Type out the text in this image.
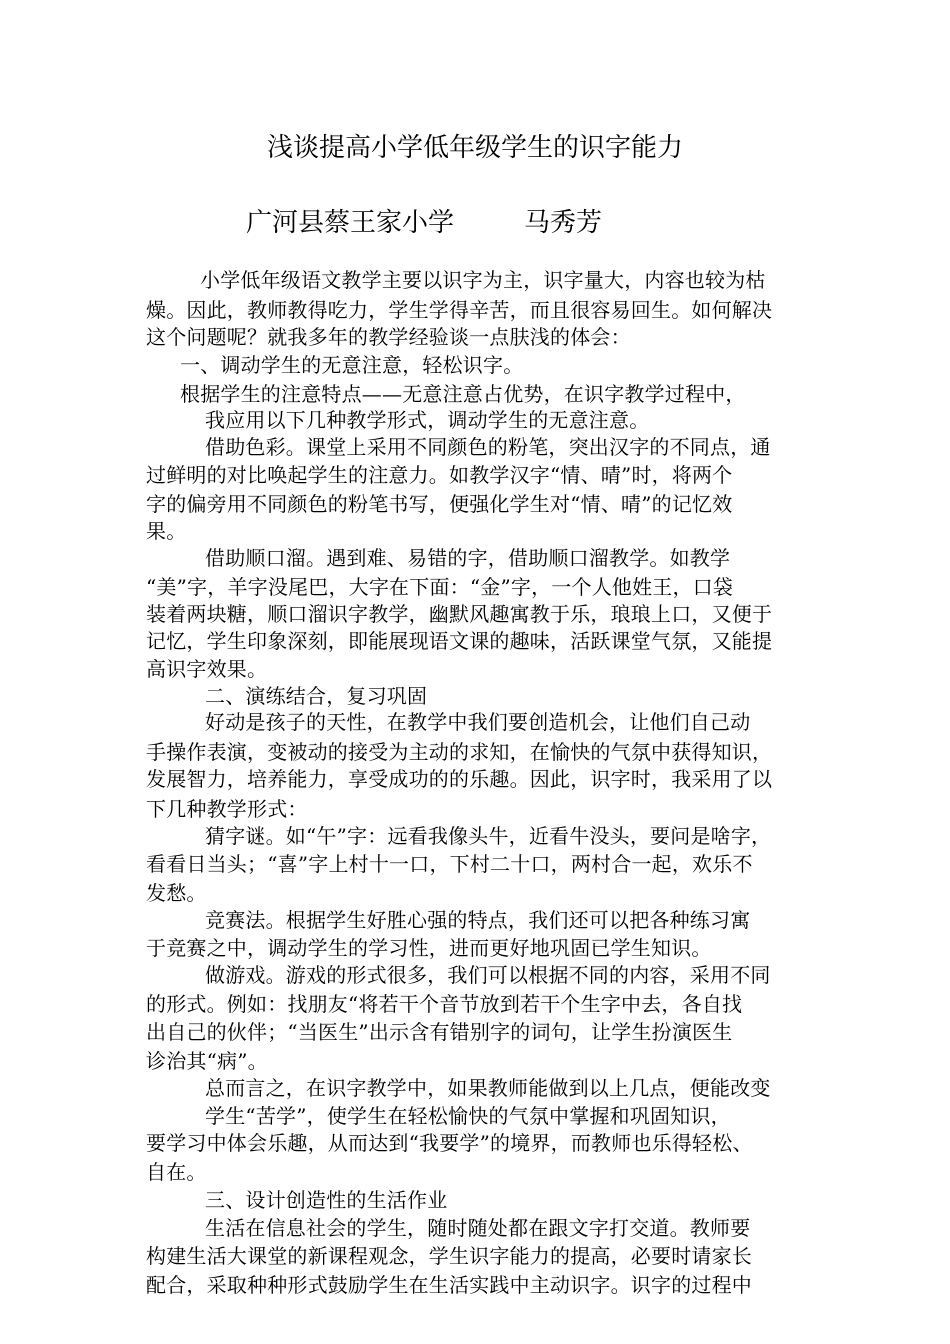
浅谈提高小学低年级学生的识字能力
广河县蔡王家小学	马秀芳
小学低年级语文教学主要以识字为主，识字量大，内容也较为枯
燥。因此，教师教得吃力，学生学得辛苦，而且很容易回生。如何解决
这个问题呢？就我多年的教学经验谈一点肤浅的体会：
一、调动学生的无意注意，轻松识字。
根据学生的注意特点——无意注意占优势，在识字教学过程中，
我应用以下几种教学形式，调动学生的无意注意。
借助色彩。课堂上采用不同颜色的粉笔，突出汉字的不同点，通
过鲜明的对比唤起学生的注意力。如教学汉字“情、晴”时，将两个
字的偏旁用不同颜色的粉笔书写，便强化学生对“情、晴”的记忆效
果。
借助顺口溜。遇到难、易错的字，借助顺口溜教学。如教学
“美”字，羊字没尾巴，大字在下面：“金”字，一个人他姓王，口袋
装着两块糖，顺口溜识字教学，幽默风趣寓教于乐，琅琅上口，又便于
记忆，学生印象深刻，即能展现语文课的趣味，活跃课堂气氛，又能提
高识字效果。
二、演练结合，复习巩固
好动是孩子的天性，在教学中我们要创造机会，让他们自己动
手操作表演，变被动的接受为主动的求知，在愉快的气氛中获得知识，
发展智力，培养能力，享受成功的的乐趣。因此，识字时，我采用了以
下几种教学形式：
猜字谜。如“午”字：远看我像头牛，近看牛没头，要问是啥字，
看看日当头；“喜”字上村十一口，下村二十口，两村合一起，欢乐不
发愁。
竞赛法。根据学生好胜心强的特点，我们还可以把各种练习寓
于竞赛之中，调动学生的学习性，进而更好地巩固已学生知识。
做游戏。游戏的形式很多，我们可以根据不同的内容，采用不同
的形式。例如：找朋友“将若干个音节放到若干个生字中去，各自找
出自己的伙伴；“当医生”出示含有错别字的词句，让学生扮演医生
诊治其“病”。
总而言之，在识字教学中，如果教师能做到以上几点，便能改变
学生“苦学”，使学生在轻松愉快的气氛中掌握和巩固知识，
要学习中体会乐趣，从而达到“我要学”的境界，而教师也乐得轻松、
自在。
三、设计创造性的生活作业
生活在信息社会的学生，随时随处都在跟文字打交道。教师要
构建生活大课堂的新课程观念，学生识字能力的提高，必要时请家长
配合，采取种种形式鼓励学生在生活实践中主动识字。识字的过程中
